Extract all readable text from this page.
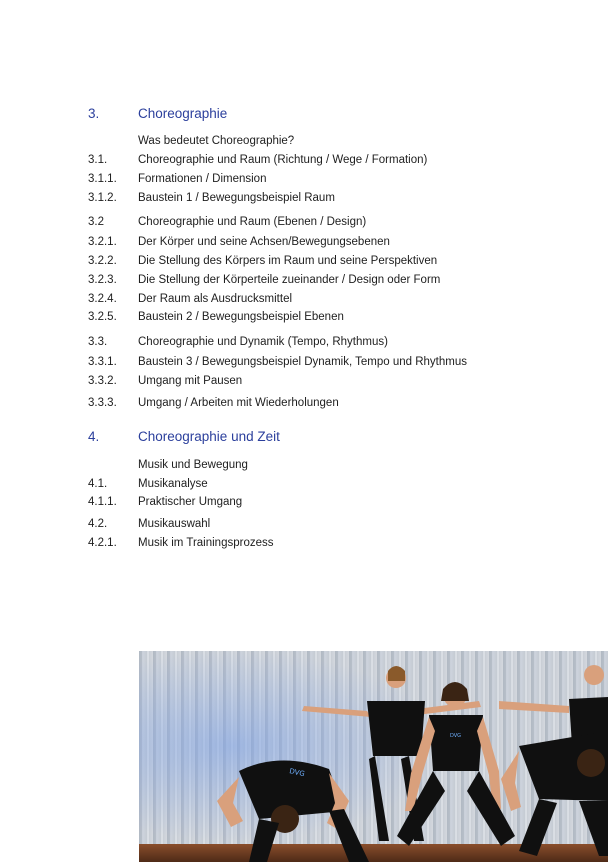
3.	Choreographie
Was bedeutet Choreographie?
3.1.	Choreographie und Raum (Richtung / Wege / Formation)
3.1.1.	Formationen / Dimension
3.1.2.	Baustein 1 / Bewegungsbeispiel Raum
3.2	Choreographie und Raum (Ebenen / Design)
3.2.1.	Der Körper und seine Achsen/Bewegungsebenen
3.2.2.	Die Stellung des Körpers im Raum und seine Perspektiven
3.2.3.	Die Stellung der Körperteile zueinander / Design oder Form
3.2.4.	Der Raum als Ausdrucksmittel
3.2.5.	Baustein 2 / Bewegungsbeispiel Ebenen
3.3.	Choreographie und Dynamik (Tempo, Rhythmus)
3.3.1.	Baustein 3 / Bewegungsbeispiel Dynamik, Tempo und Rhythmus
3.3.2.	Umgang mit Pausen
3.3.3.	Umgang / Arbeiten mit Wiederholungen
4.	Choreographie und Zeit
Musik und Bewegung
4.1.	Musikanalyse
4.1.1.	Praktischer Umgang
4.2.	Musikauswahl
4.2.1.	Musik im Trainingsprozess
DVG
DVG
